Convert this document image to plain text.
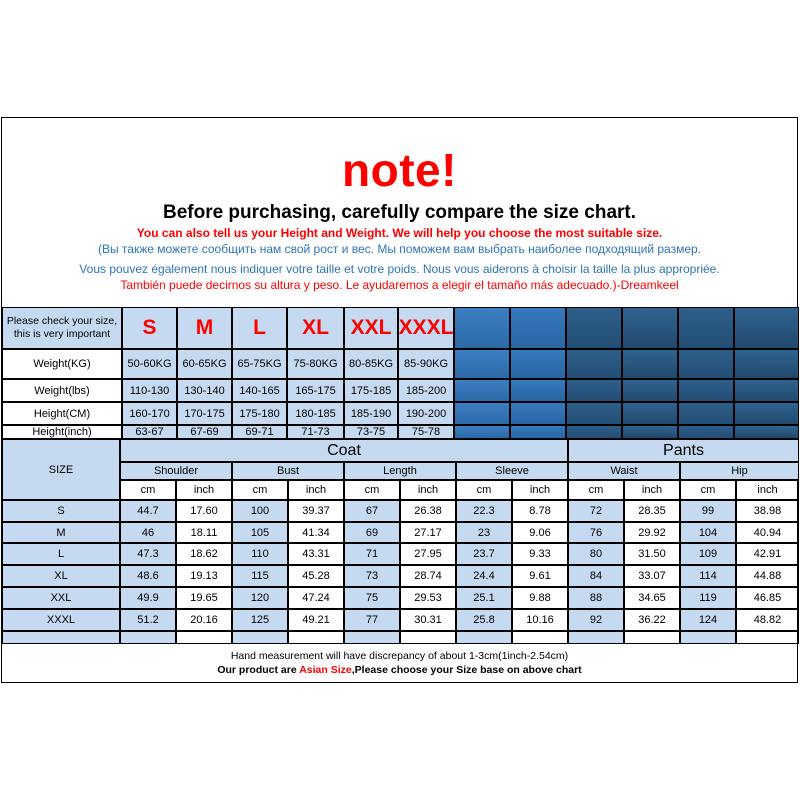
note!
Before purchasing, carefully compare the size chart.
You can also tell us your Height and Weight. We will help you choose the most suitable size.
(Вы также можете сообщить нам свой рост и вес. Мы поможем вам выбрать наиболее подходящий размер.
Vous pouvez également nous indiquer votre taille et votre poids. Nous vous aiderons à choisir la taille la plus appropriée.
También puede decirnos su altura y peso. Le ayudaremos a elegir el tamaño más adecuado.)-Dreamkeel
Please check your size, this is very important	S	M	L	XL	XXL XXXL
Weight(KG)	50-60KG 60-65KG 65-75KG	75-80KG	80-85KG 85-90KG
Weight(lbs)	110-130	130-140	140-165	165-175	175-185	185-200
Height(CM)	160-170	170-175	175-180	180-185	185-190	190-200
Height(inch)	63-67	67-69	69-71	71-73	73-75	75-78
SIZE
Coat	Pants
Shoulder	Bust	Length	Sleeve	Waist	Hip
cm	inch	cm	inch	cm	inch	cm	inch	cm	inch	cm	inch
S	44.7	17.60	100	39.37	67	26.38	22.3	8.78	72	28.35	99	38.98
M	46	18.11	105	41.34	69	27.17	23	9.06	76	29.92	104	40.94
L	47.3	18.62	110	43.31	71	27.95	23.7	9.33	80	31.50	109	42.91
XL	48.6	19.13	115	45.28	73	28.74	24.4	9.61	84	33.07	114	44.88
XXL	49.9	19.65	120	47.24	75	29.53	25.1	9.88	88	34.65	119	46.85
XXXL	51.2	20.16	125	49.21	77	30.31	25.8	10.16	92	36.22	124	48.82
Hand measurement will have discrepancy of about 1-3cm(1inch-2.54cm)
Our product are Asian Size,Please choose your Size base on above chart
